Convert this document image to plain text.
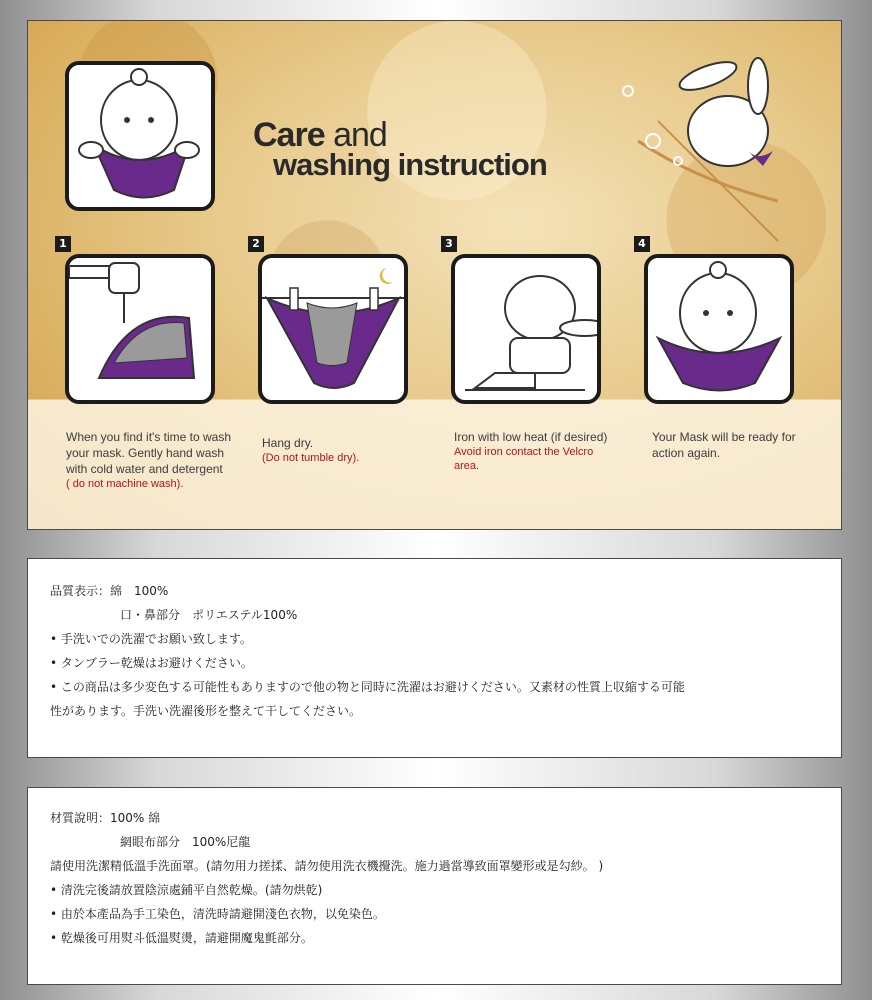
Care and
washing instruction
1	2	3	4
When you find it's time to wash your mask. Gently hand wash with cold water and detergent
( do not machine wash).
Hang dry.
(Do not tumble dry).
Iron with low heat (if desired)
Avoid iron contact the Velcro area.
Your Mask will be ready for action again.
品質表示：綿　100%
口・鼻部分　ポリエステル100%
• 手洗いでの洗濯でお願い致します。
• タンブラー乾燥はお避けください。
• この商品は多少変色する可能性もありますので他の物と同時に洗濯はお避けください。又素材の性質上収縮する可能
性があります。手洗い洗濯後形を整えて干してください。
材質說明：100% 綿
網眼布部分　100%尼龍
請使用洗潔精低溫手洗面罩。(請勿用力搓揉、請勿使用洗衣機攪洗。施力過當導致面罩變形或是勾紗。 )
• 清洗完後請放置陰涼處鋪平自然乾燥。(請勿烘乾)
• 由於本產品為手工染色，清洗時請避開淺色衣物，以免染色。
• 乾燥後可用熨斗低溫熨燙，請避開魔鬼氈部分。
